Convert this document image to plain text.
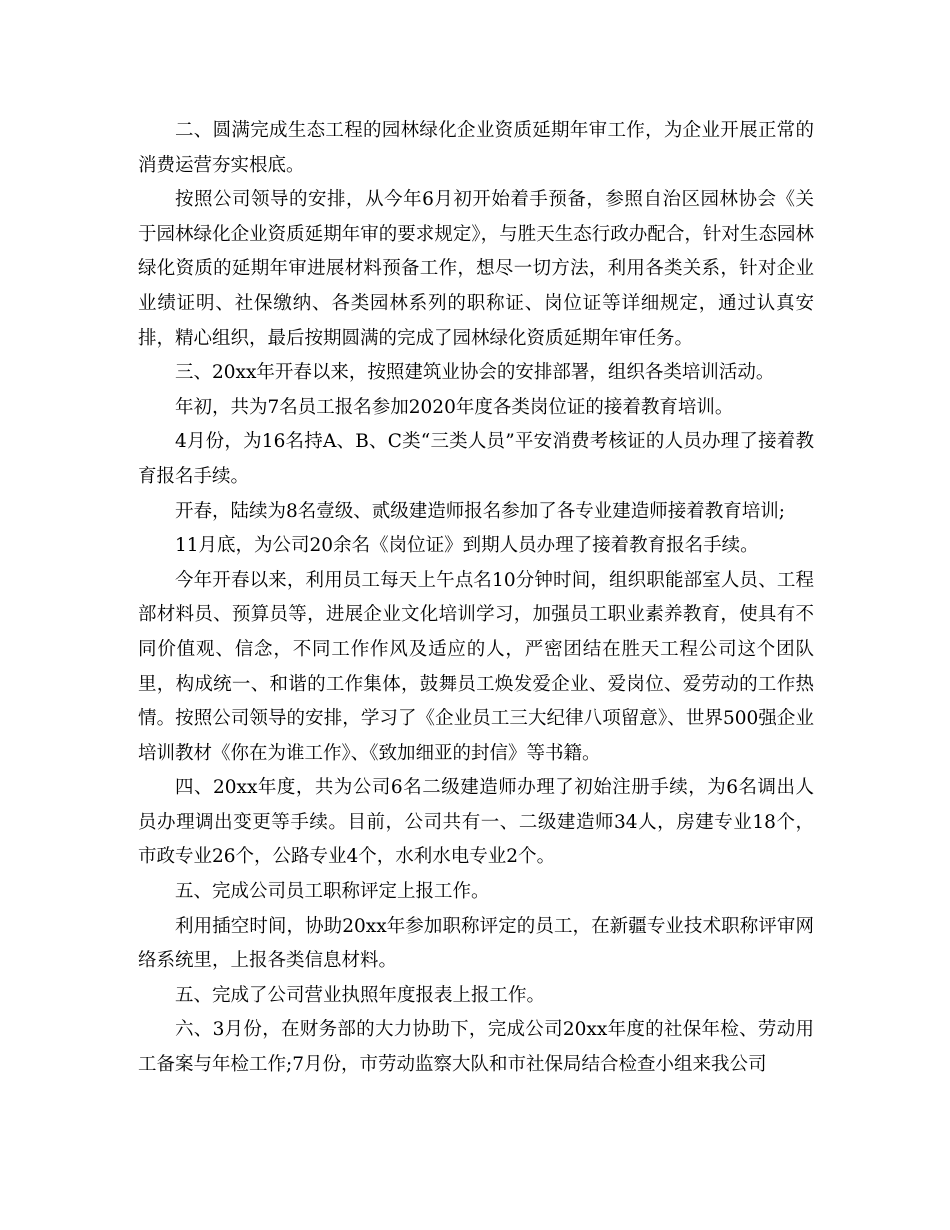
二、圆满完成生态工程的园林绿化企业资质延期年审工作，为企业开展正常的消费运营夯实根底。

按照公司领导的安排，从今年6月初开始着手预备，参照自治区园林协会《关于园林绿化企业资质延期年审的要求规定》，与胜天生态行政办配合，针对生态园林绿化资质的延期年审进展材料预备工作，想尽一切方法，利用各类关系，针对企业业绩证明、社保缴纳、各类园林系列的职称证、岗位证等详细规定，通过认真安排，精心组织，最后按期圆满的完成了园林绿化资质延期年审任务。

三、20xx年开春以来，按照建筑业协会的安排部署，组织各类培训活动。

年初，共为7名员工报名参加2020年度各类岗位证的接着教育培训。

4月份，为16名持A、B、C类“三类人员”平安消费考核证的人员办理了接着教育报名手续。

开春，陆续为8名壹级、贰级建造师报名参加了各专业建造师接着教育培训;

11月底，为公司20余名《岗位证》到期人员办理了接着教育报名手续。

今年开春以来，利用员工每天上午点名10分钟时间，组织职能部室人员、工程部材料员、预算员等，进展企业文化培训学习，加强员工职业素养教育，使具有不同价值观、信念，不同工作作风及适应的人，严密团结在胜天工程公司这个团队里，构成统一、和谐的工作集体，鼓舞员工焕发爱企业、爱岗位、爱劳动的工作热情。按照公司领导的安排，学习了《企业员工三大纪律八项留意》、世界500强企业培训教材《你在为谁工作》、《致加细亚的封信》等书籍。

四、20xx年度，共为公司6名二级建造师办理了初始注册手续，为6名调出人员办理调出变更等手续。目前，公司共有一、二级建造师34人，房建专业18个，市政专业26个，公路专业4个，水利水电专业2个。

五、完成公司员工职称评定上报工作。

利用插空时间，协助20xx年参加职称评定的员工，在新疆专业技术职称评审网络系统里，上报各类信息材料。

五、完成了公司营业执照年度报表上报工作。

六、3月份，在财务部的大力协助下，完成公司20xx年度的社保年检、劳动用工备案与年检工作;7月份，市劳动监察大队和市社保局结合检查小组来我公司
